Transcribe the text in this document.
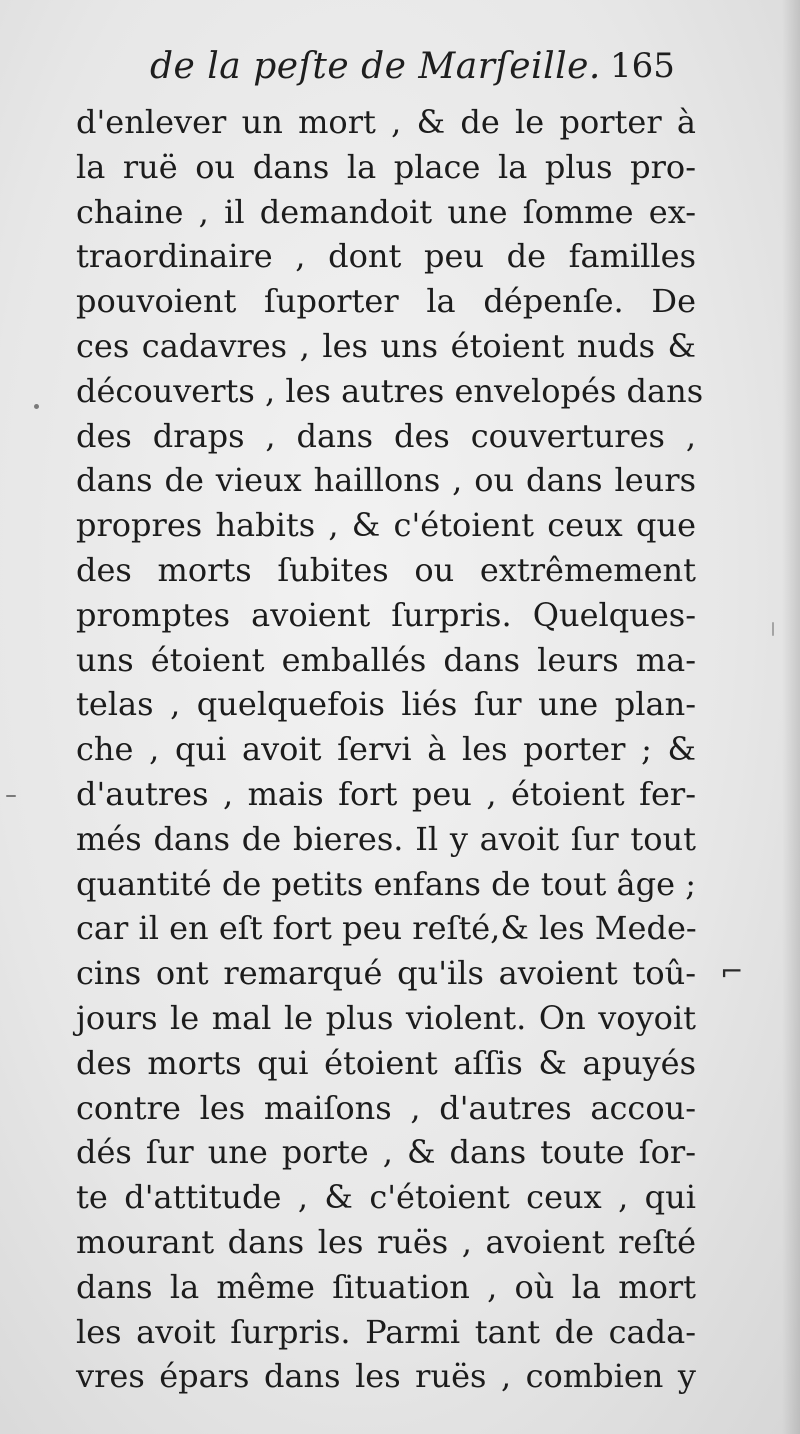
de la peſte de Marſeille. 165
d'enlever un mort , & de le porter à
la ruë ou dans la place la plus pro-
chaine , il demandoit une ſomme ex-
traordinaire , dont peu de familles
pouvoient ſuporter la dépenſe. De
ces cadavres , les uns étoient nuds &
découverts , les autres envelopés dans
des draps , dans des couvertures ,
dans de vieux haillons , ou dans leurs
propres habits , & c'étoient ceux que
des morts ſubites ou extrêmement
promptes avoient ſurpris. Quelques-
uns étoient emballés dans leurs ma-
telas , quelquefois liés ſur une plan-
che , qui avoit ſervi à les porter ; &
d'autres , mais fort peu , étoient fer-
més dans de bieres. Il y avoit ſur tout
quantité de petits enfans de tout âge ;
car il en eſt fort peu reſté,& les Mede-
cins ont remarqué qu'ils avoient toû-
jours le mal le plus violent. On voyoit
des morts qui étoient aſſis & apuyés
contre les maiſons , d'autres accou-
dés ſur une porte , & dans toute ſor-
te d'attitude , & c'étoient ceux , qui
mourant dans les ruës , avoient reſté
dans la même ſituation , où la mort
les avoit ſurpris. Parmi tant de cada-
vres épars dans les ruës , combien y
⌐
